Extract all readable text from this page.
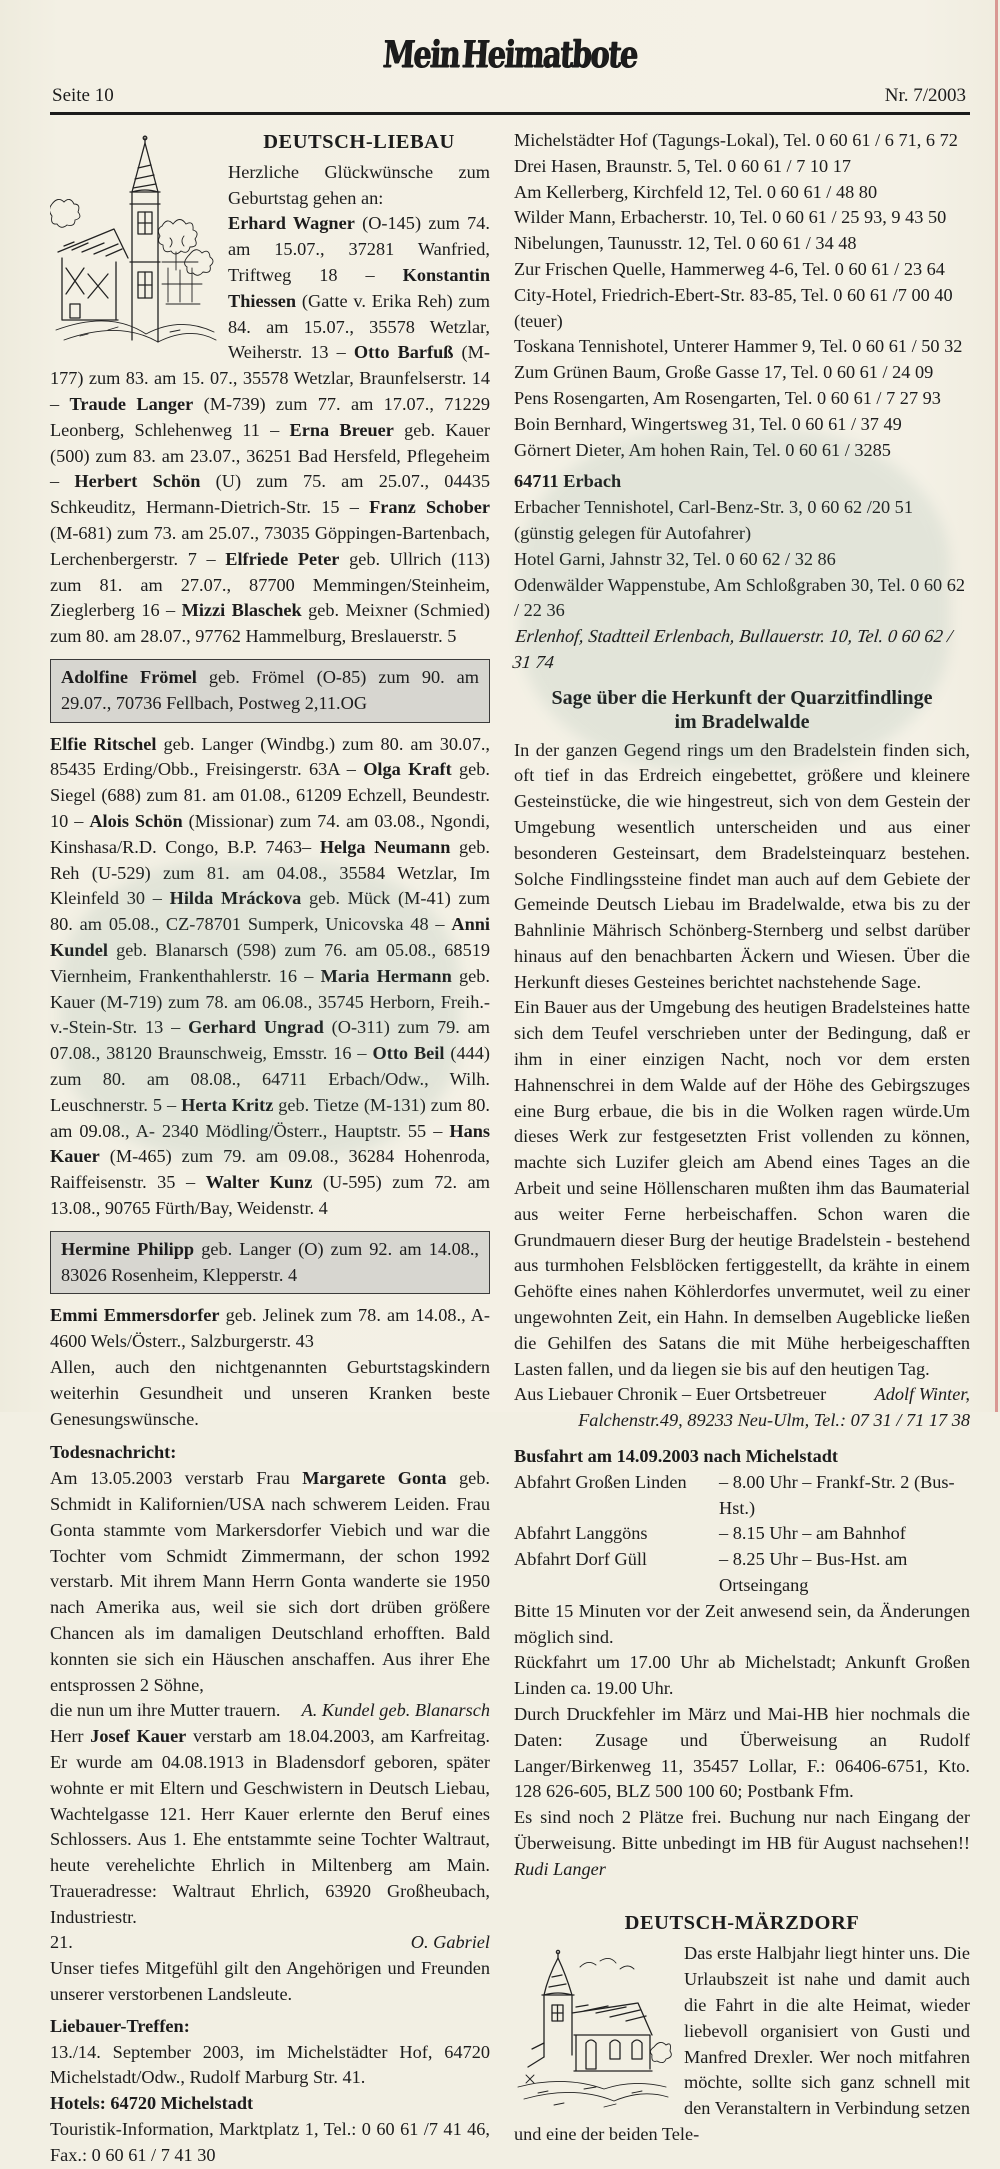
Mein Heimatbote
Seite 10	Nr. 7/2003
DEUTSCH-LIEBAU

Herzliche Glückwünsche zum Geburtstag gehen an:
Erhard Wagner (O-145) zum 74. am 15.07., 37281 Wanfried, Triftweg 18 – Konstantin Thiessen (Gatte v. Erika Reh) zum 84. am 15.07., 35578 Wetzlar, Weiherstr. 13 – Otto Barfuß (M-177) zum 83. am 15. 07., 35578 Wetzlar, Braunfelserstr. 14 – Traude Langer (M-739) zum 77. am 17.07., 71229 Leonberg, Schlehenweg 11 – Erna Breuer geb. Kauer (500) zum 83. am 23.07., 36251 Bad Hersfeld, Pflegeheim – Herbert Schön (U) zum 75. am 25.07., 04435 Schkeuditz, Hermann-Dietrich-Str. 15 – Franz Schober (M-681) zum 73. am 25.07., 73035 Göppingen-Bartenbach, Lerchenbergerstr. 7 – Elfriede Peter geb. Ullrich (113) zum 81. am 27.07., 87700 Memmingen/Steinheim, Zieglerberg 16 – Mizzi Blaschek geb. Meixner (Schmied) zum 80. am 28.07., 97762 Hammelburg, Breslauerstr. 5

Adolfine Frömel geb. Frömel (O-85) zum 90. am 29.07., 70736 Fellbach, Postweg 2,11.OG

Elfie Ritschel geb. Langer (Windbg.) zum 80. am 30.07., 85435 Erding/Obb., Freisingerstr. 63A – Olga Kraft geb. Siegel (688) zum 81. am 01.08., 61209 Echzell, Beundestr. 10 – Alois Schön (Missionar) zum 74. am 03.08., Ngondi, Kinshasa/R.D. Congo, B.P. 7463– Helga Neumann geb. Reh (U-529) zum 81. am 04.08., 35584 Wetzlar, Im Kleinfeld 30 – Hilda Mráckova geb. Mück (M-41) zum 80. am 05.08., CZ-78701 Sumperk, Unicovska 48 – Anni Kundel geb. Blanarsch (598) zum 76. am 05.08., 68519 Viernheim, Frankenthahlerstr. 16 – Maria Hermann geb. Kauer (M-719) zum 78. am 06.08., 35745 Herborn, Freih.-v.-Stein-Str. 13 – Gerhard Ungrad (O-311) zum 79. am 07.08., 38120 Braunschweig, Emsstr. 16 – Otto Beil (444) zum 80. am 08.08., 64711 Erbach/Odw., Wilh. Leuschnerstr. 5 – Herta Kritz geb. Tietze (M-131) zum 80. am 09.08., A- 2340 Mödling/Österr., Hauptstr. 55 – Hans Kauer (M-465) zum 79. am 09.08., 36284 Hohenroda, Raiffeisenstr. 35 – Walter Kunz (U-595) zum 72. am 13.08., 90765 Fürth/Bay, Weidenstr. 4

Hermine Philipp geb. Langer (O) zum 92. am 14.08., 83026 Rosenheim, Klepperstr. 4

Emmi Emmersdorfer geb. Jelinek zum 78. am 14.08., A-4600 Wels/Österr., Salzburgerstr. 43

Allen, auch den nichtgenannten Geburtstagskindern weiterhin Gesundheit und unseren Kranken beste Genesungswünsche.

Todesnachricht:

Am 13.05.2003 verstarb Frau Margarete Gonta geb. Schmidt in Kalifornien/USA nach schwerem Leiden. Frau Gonta stammte vom Markersdorfer Viebich und war die Tochter vom Schmidt Zimmermann, der schon 1992 verstarb. Mit ihrem Mann Herrn Gonta wanderte sie 1950 nach Amerika aus, weil sie sich dort drüben größere Chancen als im damaligen Deutschland erhofften. Bald konnten sie sich ein Häuschen anschaffen. Aus ihrer Ehe entsprossen 2 Söhne,

die nun um ihre Mutter trauern. A. Kundel geb. Blanarsch

Herr Josef Kauer verstarb am 18.04.2003, am Karfreitag. Er wurde am 04.08.1913 in Bladensdorf geboren, später wohnte er mit Eltern und Geschwistern in Deutsch Liebau, Wachtelgasse 121. Herr Kauer erlernte den Beruf eines Schlossers. Aus 1. Ehe entstammte seine Tochter Waltraut, heute verehelichte Ehrlich in Miltenberg am Main. Traueradresse: Waltraut Ehrlich, 63920 Großheubach, Industriestr.

21.	O. Gabriel

Unser tiefes Mitgefühl gilt den Angehörigen und Freunden unserer verstorbenen Landsleute.

Liebauer-Treffen:

13./14. September 2003, im Michelstädter Hof, 64720 Michelstadt/Odw., Rudolf Marburg Str. 41.

Hotels: 64720 Michelstadt

Touristik-Information, Marktplatz 1, Tel.: 0 60 61 /7 41 46, Fax.: 0 60 61 / 7 41 30

Michelstädter Hof (Tagungs-Lokal), Tel. 0 60 61 / 6 71, 6 72
Drei Hasen, Braunstr. 5, Tel. 0 60 61 / 7 10 17
Am Kellerberg, Kirchfeld 12, Tel. 0 60 61 / 48 80
Wilder Mann, Erbacherstr. 10, Tel. 0 60 61 / 25 93, 9 43 50
Nibelungen, Taunusstr. 12, Tel. 0 60 61 / 34 48
Zur Frischen Quelle, Hammerweg 4-6, Tel. 0 60 61 / 23 64
City-Hotel, Friedrich-Ebert-Str. 83-85, Tel. 0 60 61 /7 00 40 (teuer)
Toskana Tennishotel, Unterer Hammer 9, Tel. 0 60 61 / 50 32
Zum Grünen Baum, Große Gasse 17, Tel. 0 60 61 / 24 09
Pens Rosengarten, Am Rosengarten, Tel. 0 60 61 / 7 27 93
Boin Bernhard, Wingertsweg 31, Tel. 0 60 61 / 37 49
Görnert Dieter, Am hohen Rain, Tel. 0 60 61 / 3285

64711 Erbach

Erbacher Tennishotel, Carl-Benz-Str. 3, 0 60 62 /20 51 (günstig gelegen für Autofahrer)
Hotel Garni, Jahnstr 32, Tel. 0 60 62 / 32 86
Odenwälder Wappenstube, Am Schloßgraben 30, Tel. 0 60 62 / 22 36

Erlenhof, Stadtteil Erlenbach, Bullauerstr. 10, Tel. 0 60 62 / 31 74

Sage über die Herkunft der Quarzitfindlinge
im Bradelwalde

In der ganzen Gegend rings um den Bradelstein finden sich, oft tief in das Erdreich eingebettet, größere und kleinere Gesteinstücke, die wie hingestreut, sich von dem Gestein der Umgebung wesentlich unterscheiden und aus einer besonderen Gesteinsart, dem Bradelsteinquarz bestehen. Solche Findlingssteine findet man auch auf dem Gebiete der Gemeinde Deutsch Liebau im Bradelwalde, etwa bis zu der Bahnlinie Mährisch Schönberg-Sternberg und selbst darüber hinaus auf den benachbarten Äckern und Wiesen. Über die Herkunft dieses Gesteines berichtet nachstehende Sage.

Ein Bauer aus der Umgebung des heutigen Bradelsteines hatte sich dem Teufel verschrieben unter der Bedingung, daß er ihm in einer einzigen Nacht, noch vor dem ersten Hahnenschrei in dem Walde auf der Höhe des Gebirgszuges eine Burg erbaue, die bis in die Wolken ragen würde.Um dieses Werk zur festgesetzten Frist vollenden zu können, machte sich Luzifer gleich am Abend eines Tages an die Arbeit und seine Höllenscharen mußten ihm das Baumaterial aus weiter Ferne herbeischaffen. Schon waren die Grundmauern dieser Burg der heutige Bradelstein - bestehend aus turmhohen Felsblöcken fertiggestellt, da krähte in einem Gehöfte eines nahen Köhlerdorfes unvermutet, weil zu einer ungewohnten Zeit, ein Hahn. In demselben Augeblicke ließen die Gehilfen des Satans die mit Mühe herbeigeschafften Lasten fallen, und da liegen sie bis auf den heutigen Tag.

Aus Liebauer Chronik – Euer Ortsbetreuer	Adolf Winter,

Falchenstr.49, 89233 Neu-Ulm, Tel.: 07 31 / 71 17 38

Busfahrt am 14.09.2003 nach Michelstadt

Abfahrt Großen Linden	– 8.00 Uhr – Frankf-Str. 2 (Bus-Hst.)
Abfahrt Langgöns	– 8.15 Uhr – am Bahnhof
Abfahrt Dorf Güll	– 8.25 Uhr – Bus-Hst. am Ortseingang

Bitte 15 Minuten vor der Zeit anwesend sein, da Änderungen möglich sind.

Rückfahrt um 17.00 Uhr ab Michelstadt; Ankunft Großen Linden ca. 19.00 Uhr.

Durch Druckfehler im März und Mai-HB hier nochmals die Daten: Zusage und Überweisung an Rudolf Langer/Birkenweg 11, 35457 Lollar, F.: 06406-6751, Kto. 128 626-605, BLZ 500 100 60; Postbank Ffm.

Es sind noch 2 Plätze frei. Buchung nur nach Eingang der Überweisung. Bitte unbedingt im HB für August nachsehen!! Rudi Langer

DEUTSCH-MÄRZDORF

Das erste Halbjahr liegt hinter uns. Die Urlaubszeit ist nahe und damit auch die Fahrt in die alte Heimat, wieder liebevoll organisiert von Gusti und Manfred Drexler. Wer noch mitfahren möchte, sollte sich ganz schnell mit den Veranstaltern in Verbindung setzen und eine der beiden Tele-
